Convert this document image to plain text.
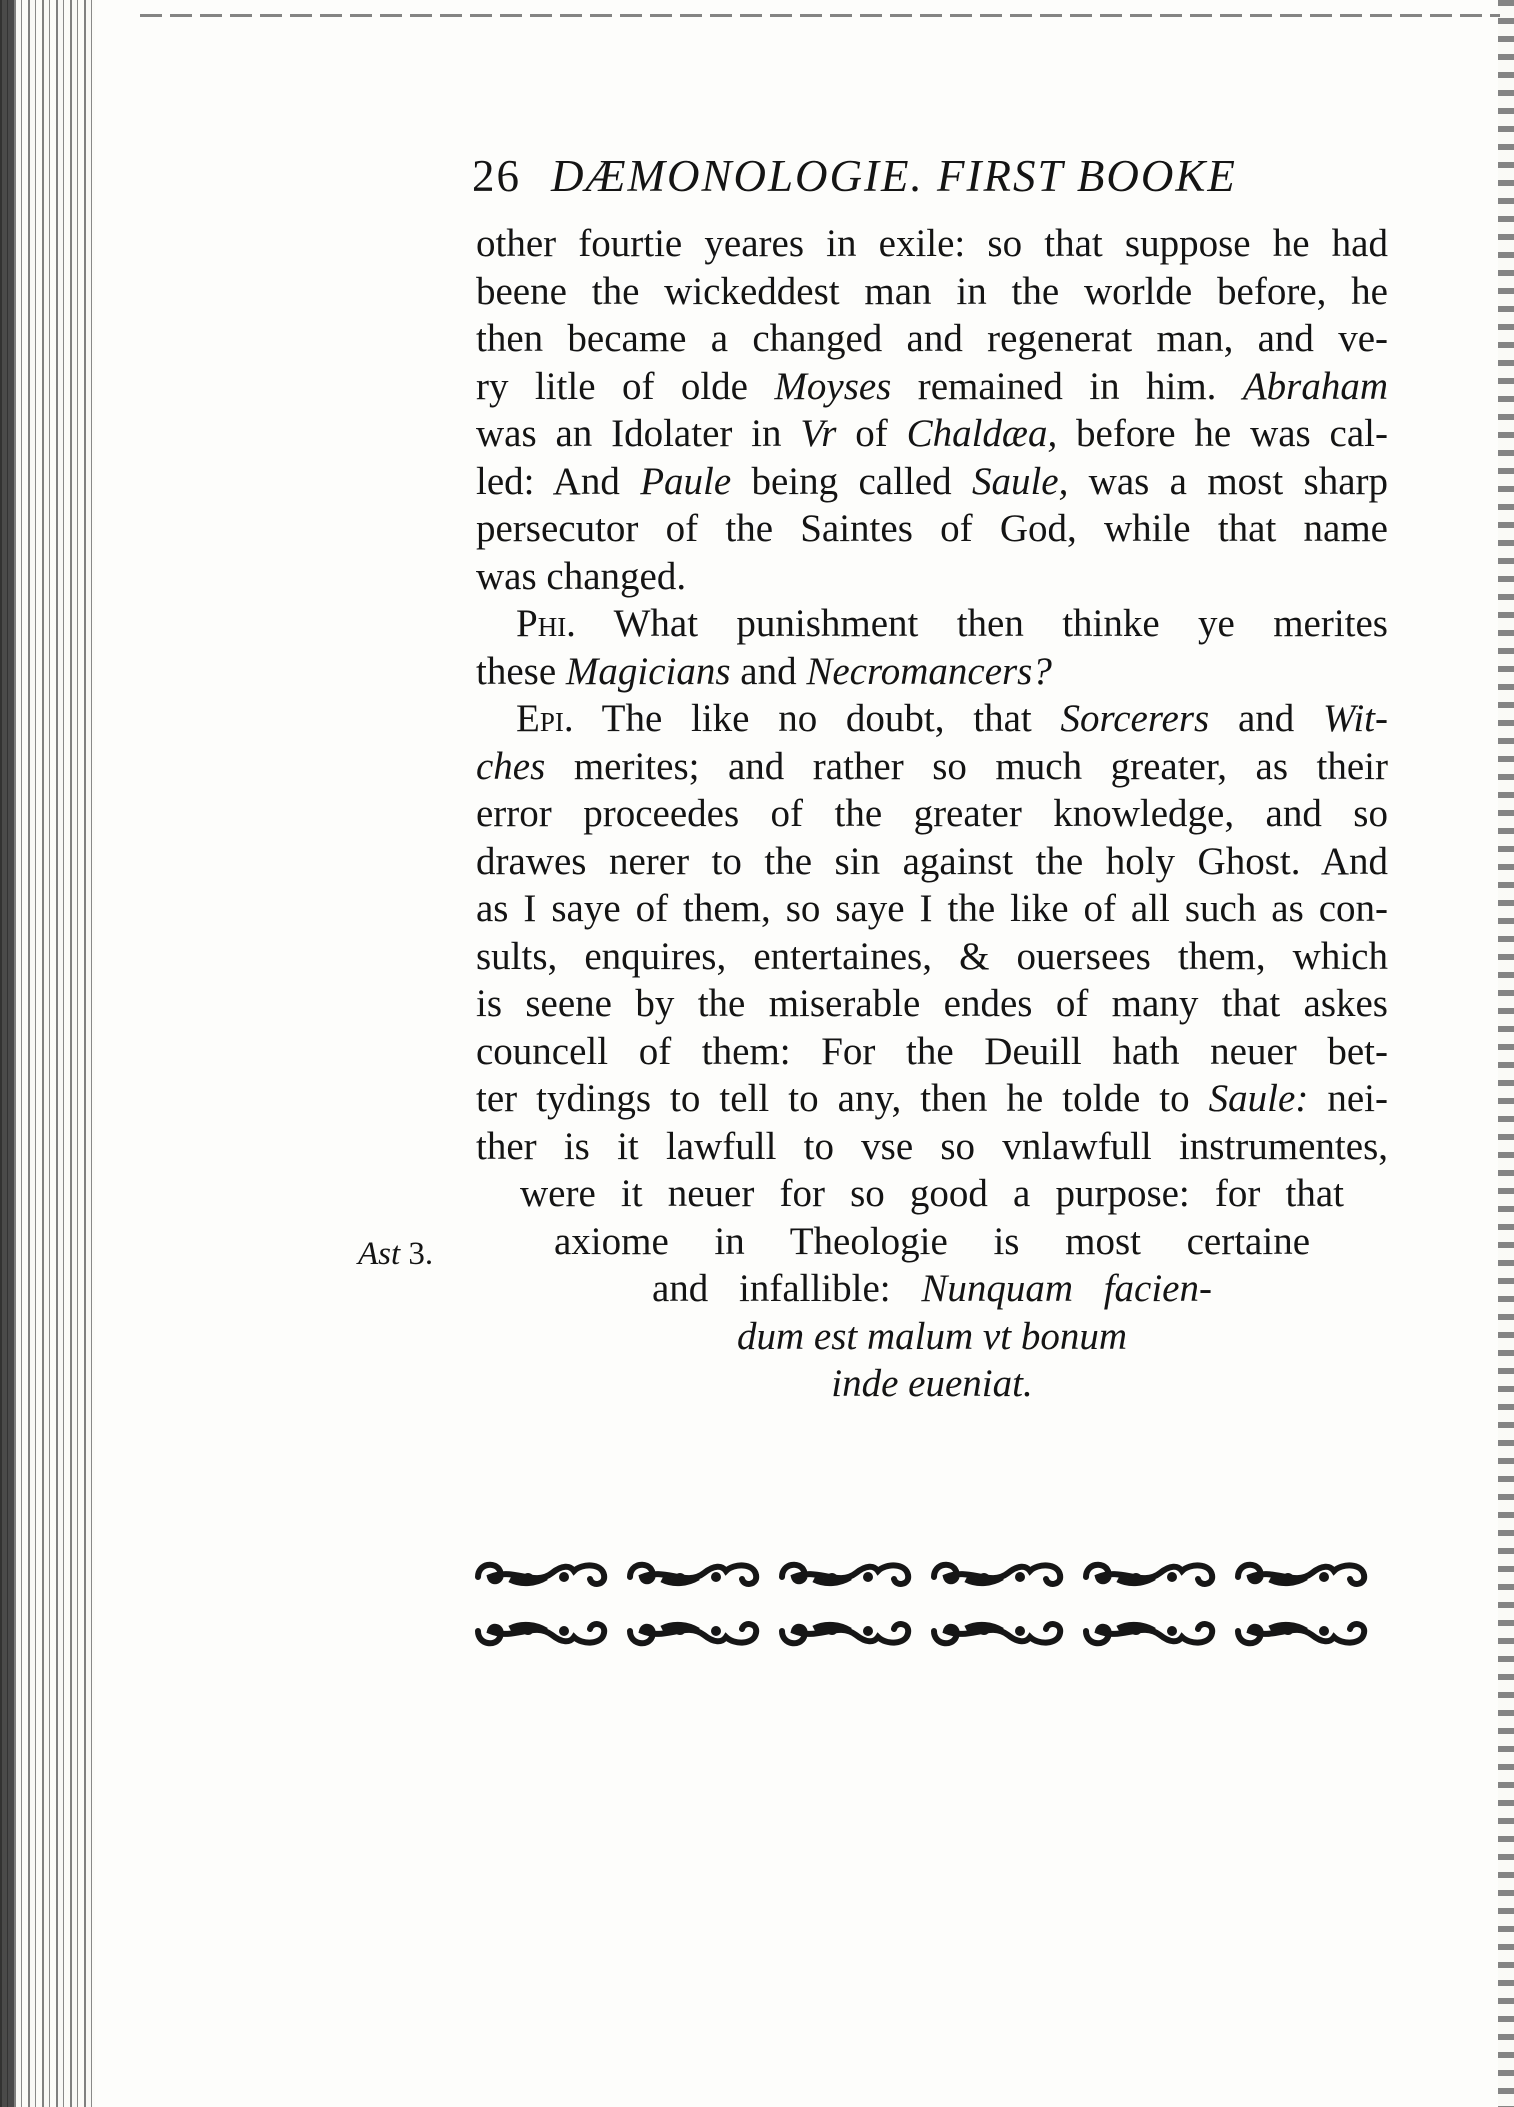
26 DÆMONOLOGIE. FIRST BOOKE
other fourtie yeares in exile: so that suppose he had
beene the wickeddest man in the worlde before, he
then became a changed and regenerat man, and ve-
ry litle of olde Moyses remained in him. Abraham
was an Idolater in Vr of Chaldæa, before he was cal-
led: And Paule being called Saule, was a most sharp
persecutor of the Saintes of God, while that name
was changed.
Phi. What punishment then thinke ye merites
these Magicians and Necromancers?
Epi. The like no doubt, that Sorcerers and Wit-
ches merites; and rather so much greater, as their
error proceedes of the greater knowledge, and so
drawes nerer to the sin against the holy Ghost. And
as I saye of them, so saye I the like of all such as con-
sults, enquires, entertaines, & ouersees them, which
is seene by the miserable endes of many that askes
councell of them: For the Deuill hath neuer bet-
ter tydings to tell to any, then he tolde to Saule: nei-
ther is it lawfull to vse so vnlawfull instrumentes,
were it neuer for so good a purpose: for that
axiome in Theologie is most certaine
and infallible: Nunquam facien-
dum est malum vt bonum
inde eueniat.
Ast 3.
